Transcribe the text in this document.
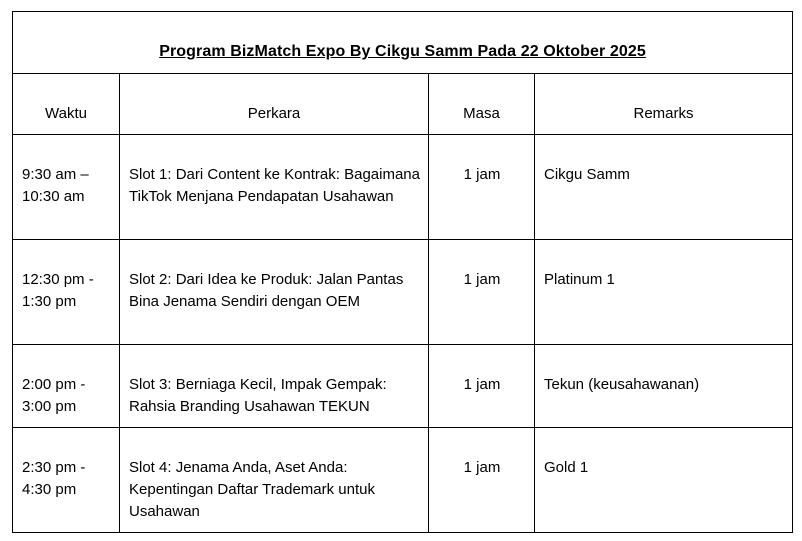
Program BizMatch Expo By Cikgu Samm Pada 22 Oktober 2025			

Waktu	Perkara	Masa	Remarks

9:30 am – 10:30 am	Slot 1: Dari Content ke Kontrak: Bagaimana TikTok Menjana Pendapatan Usahawan	1 jam	Cikgu Samm

12:30 pm - 1:30 pm	Slot 2: Dari Idea ke Produk: Jalan Pantas Bina Jenama Sendiri dengan OEM	1 jam	Platinum 1

2:00 pm - 3:00 pm	Slot 3: Berniaga Kecil, Impak Gempak: Rahsia Branding Usahawan TEKUN	1 jam	Tekun (keusahawanan)

2:30 pm - 4:30 pm	Slot 4: Jenama Anda, Aset Anda: Kepentingan Daftar Trademark untuk Usahawan	1 jam	Gold 1
